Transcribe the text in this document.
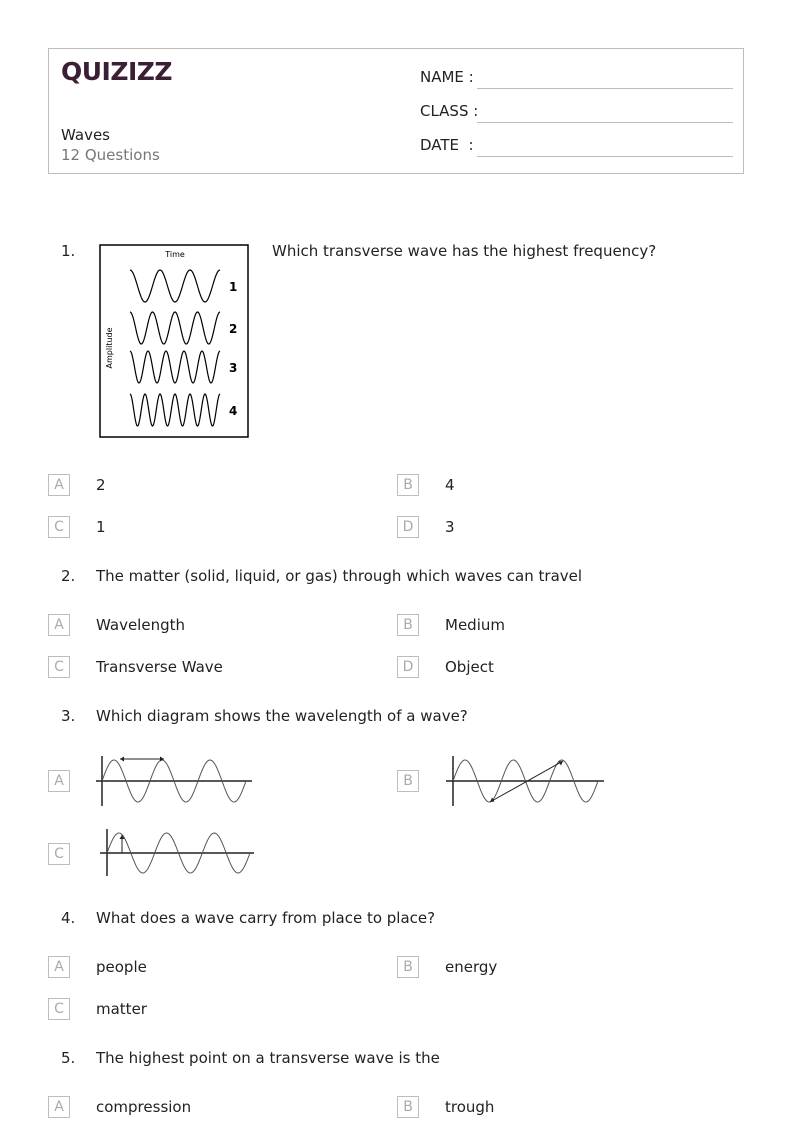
QUIZIZZ
Waves
12 Questions
NAME :
CLASS :
DATE  :
1.	Which transverse wave has the highest frequency?
Time
Amplitude
1
2
3
4
A	2	B	4
C	1	D	3
2. The matter (solid, liquid, or gas) through which waves can travel
A	Wavelength	B	Medium
C	Transverse Wave	D	Object
3. Which diagram shows the wavelength of a wave?
A	B
C
4. What does a wave carry from place to place?
A	people	B	energy
C	matter
5. The highest point on a transverse wave is the
A	compression	B	trough
